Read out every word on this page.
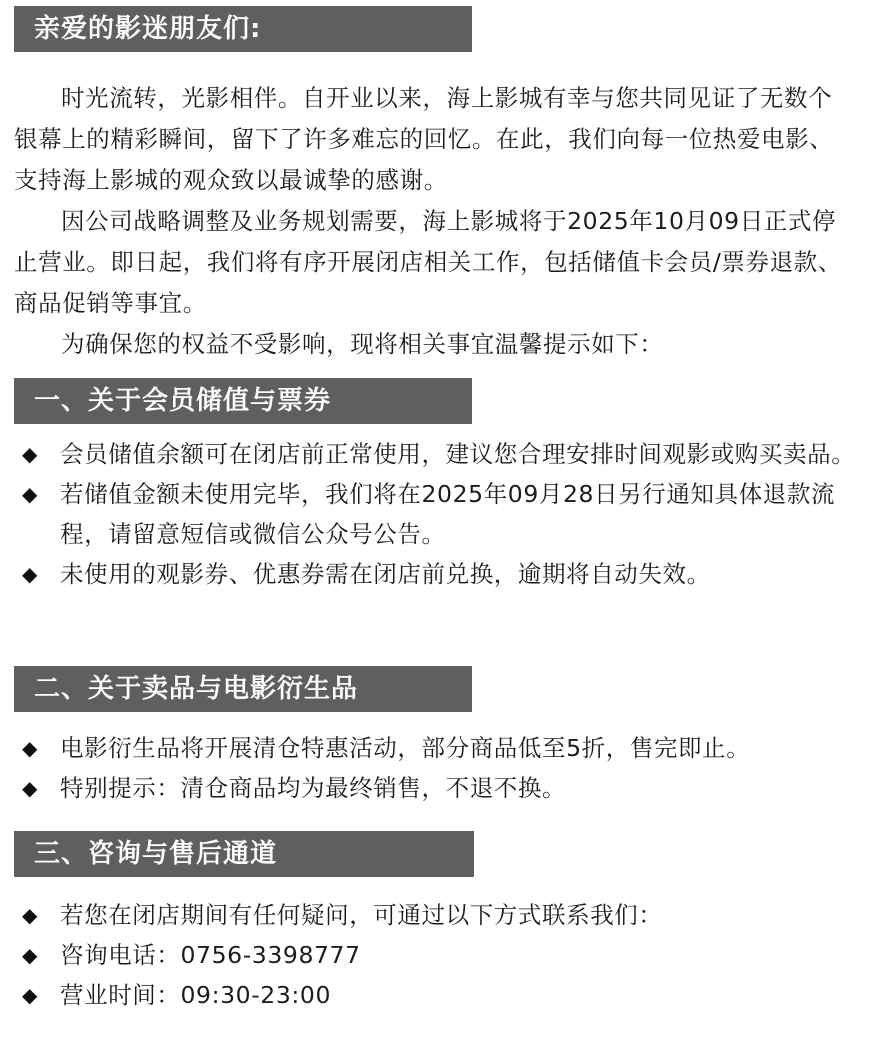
亲爱的影迷朋友们:

时光流转，光影相伴。自开业以来，海上影城有幸与您共同见证了无数个银幕上的精彩瞬间，留下了许多难忘的回忆。在此，我们向每一位热爱电影、支持海上影城的观众致以最诚挚的感谢。

因公司战略调整及业务规划需要，海上影城将于2025年10月09日正式停止营业。即日起，我们将有序开展闭店相关工作，包括储值卡会员/票券退款、商品促销等事宜。

为确保您的权益不受影响，现将相关事宜温馨提示如下：

一、关于会员储值与票券
◆ 会员储值余额可在闭店前正常使用，建议您合理安排时间观影或购买卖品。
◆ 若储值金额未使用完毕，我们将在2025年09月28日另行通知具体退款流程，请留意短信或微信公众号公告。
◆ 未使用的观影券、优惠券需在闭店前兑换，逾期将自动失效。
二、关于卖品与电影衍生品
◆ 电影衍生品将开展清仓特惠活动，部分商品低至5折，售完即止。
◆ 特别提示：清仓商品均为最终销售，不退不换。
三、咨询与售后通道
◆ 若您在闭店期间有任何疑问，可通过以下方式联系我们：
◆ 咨询电话：0756-3398777
◆ 营业时间：09:30-23:00
